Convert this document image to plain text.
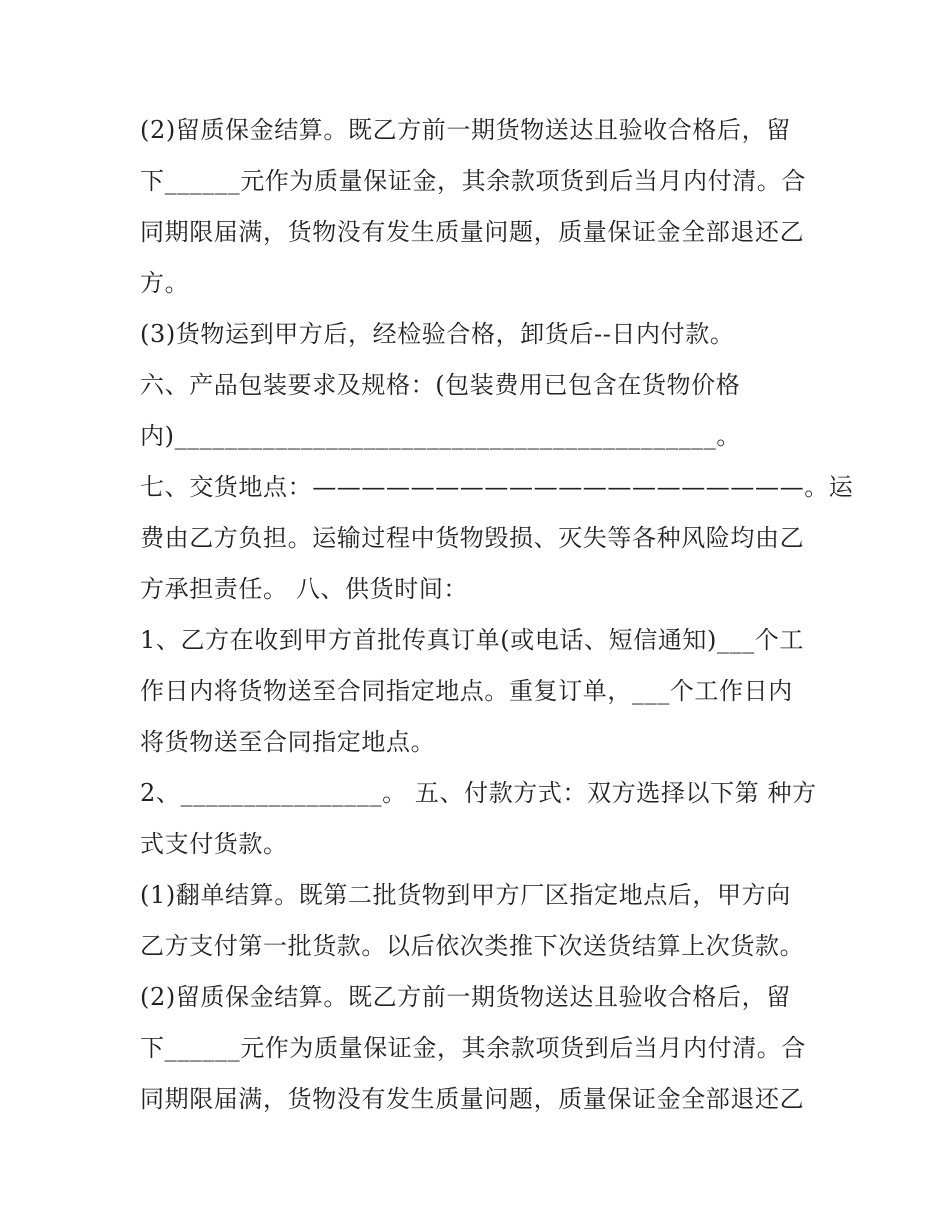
(2)留质保金结算。既乙方前一期货物送达且验收合格后，留
下______元作为质量保证金，其余款项货到后当月内付清。合
同期限届满，货物没有发生质量问题，质量保证金全部退还乙
方。
(3)货物运到甲方后，经检验合格，卸货后--日内付款。
六、产品包装要求及规格：(包装费用已包含在货物价格
内)___________________________________________。
七、交货地点：————————————————————。运
费由乙方负担。运输过程中货物毁损、灭失等各种风险均由乙
方承担责任。 八、供货时间：
1、乙方在收到甲方首批传真订单(或电话、短信通知)___个工
作日内将货物送至合同指定地点。重复订单，___个工作日内
将货物送至合同指定地点。
2、________________。 五、付款方式：双方选择以下第 种方
式支付货款。
(1)翻单结算。既第二批货物到甲方厂区指定地点后，甲方向
乙方支付第一批货款。以后依次类推下次送货结算上次货款。
(2)留质保金结算。既乙方前一期货物送达且验收合格后，留
下______元作为质量保证金，其余款项货到后当月内付清。合
同期限届满，货物没有发生质量问题，质量保证金全部退还乙
